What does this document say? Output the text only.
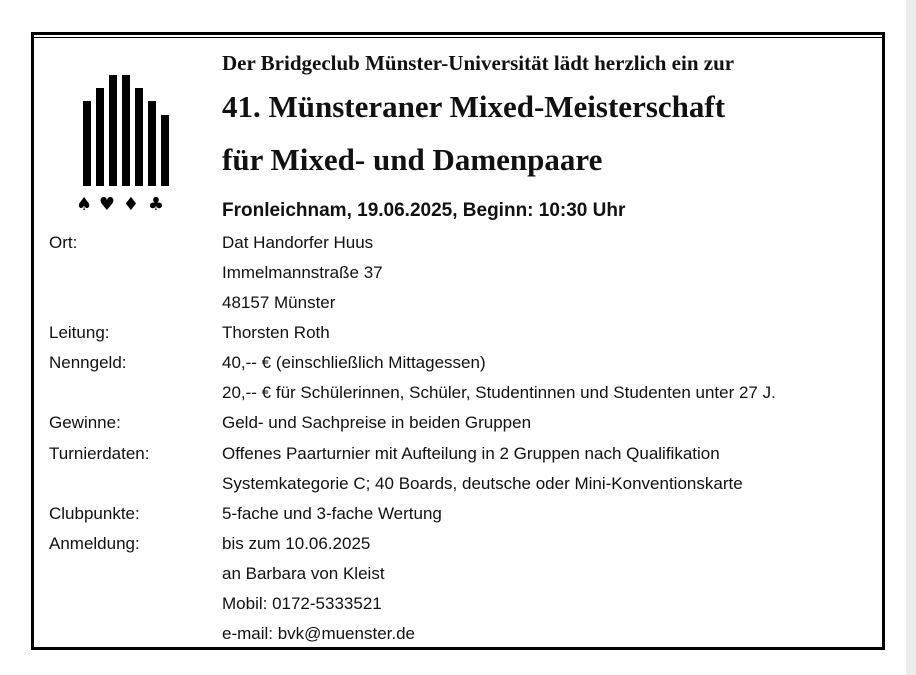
♠ ♥ ♦ ♣
Der Bridgeclub Münster-Universität lädt herzlich ein zur
41. Münsteraner Mixed-Meisterschaft
für Mixed- und Damenpaare
Fronleichnam, 19.06.2025, Beginn: 10:30 Uhr
Ort:	Dat Handorfer Huus
Immelmannstraße 37
48157 Münster
Leitung:	Thorsten Roth
Nenngeld:	40,-- € (einschließlich Mittagessen)
20,-- € für Schülerinnen, Schüler, Studentinnen und Studenten unter 27 J.
Gewinne:	Geld- und Sachpreise in beiden Gruppen
Turnierdaten:	Offenes Paarturnier mit Aufteilung in 2 Gruppen nach Qualifikation
Systemkategorie C; 40 Boards, deutsche oder Mini-Konventionskarte
Clubpunkte:	5-fache und 3-fache Wertung
Anmeldung:	bis zum 10.06.2025
an Barbara von Kleist
Mobil: 0172-5333521
e-mail: bvk@muenster.de
